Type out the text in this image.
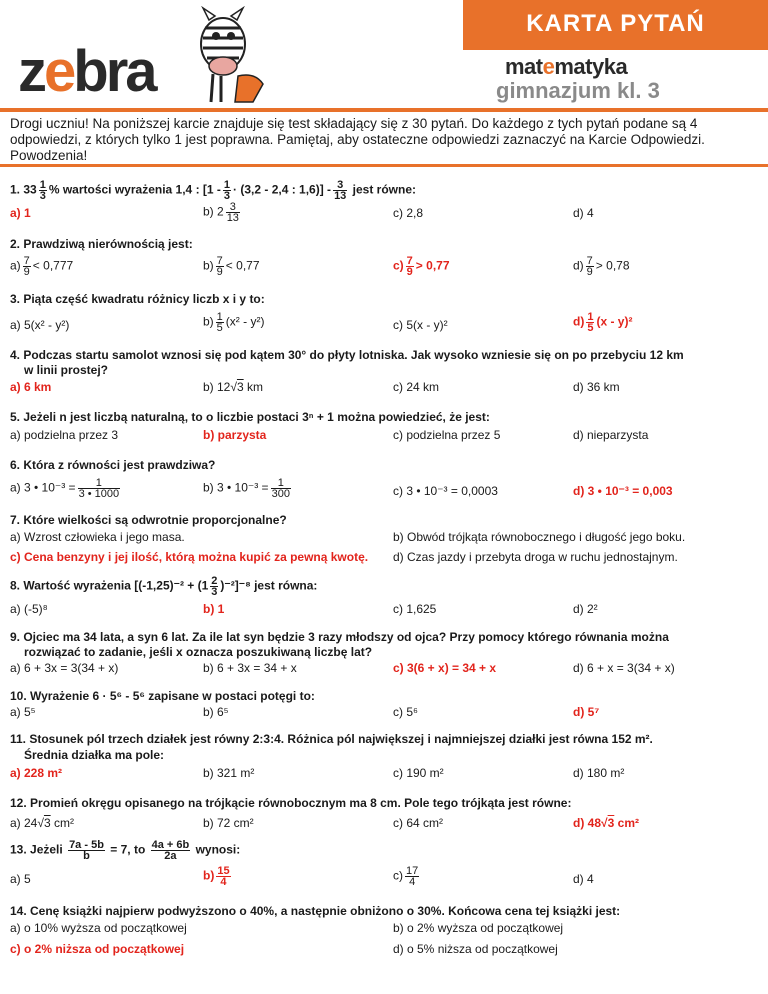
KARTA PYTAŃ
zebra	matematyka
gimnazjum kl. 3
Drogi uczniu! Na poniższej karcie znajduje się test składający się z 30 pytań. Do każdego z tych pytań podane są 4 odpowiedzi, z których tylko 1 jest poprawna. Pamiętaj, aby ostateczne odpowiedzi zaznaczyć na Karcie Odpowiedzi. Powodzenia!
1. $33 \frac{1}{3}$ % wartości wyrażenia 1,4 : [$1 - \frac{1}{3} \cdot (3,2 - 2,4$ : $1,6)] - \frac{3}{13}$ jest równe:
a) 1	b) $2 \frac{3}{13}$	c) 2,8	d) 4
2. Prawdziwą nierównością jest:
$a) \frac{7}{9} < 0,777$	$b) \frac{7}{9} < 0,77$	$c) \frac{7}{9} > 0,77$	$d) \frac{7}{9} > 0,78$
3. Piąta część kwadratu różnicy liczb x i y to:
a) 5(x² - y²)	$b) \frac{1}{5} (x^2 - y^2)$	c) 5(x - y)²	$d) \frac{1}{5} (x - y)^2$
4. Podczas startu samolot wznosi się pod kątem 30° do płyty lotniska. Jak wysoko wzniesie się on po przebyciu 12 km
w linii prostej?
a) 6 km	b) 12√3 km	c) 24 km	d) 36 km
5. Jeżeli n jest liczbą naturalną, to o liczbie postaci 3ⁿ + 1 można powiedzieć, że jest:
a) podzielna przez 3	b) parzysta	c) podzielna przez 5	d) nieparzysta
6. Która z równości jest prawdziwa?
a) 3 • $10^{-3} = \frac{1}{3 • 1000}$	b) 3 • $10^{-3} = \frac{1}{300}$	c) 3 • 10⁻³ = 0,0003	d) 3 • 10⁻³ = 0,003
7. Które wielkości są odwrotnie proporcjonalne?
a) Wzrost człowieka i jego masa.	b) Obwód trójkąta równobocznego i długość jego boku.
c) Cena benzyny i jej ilość, którą można kupić za pewną kwotę. d) Czas jazdy i przebyta droga w ruchu jednostajnym.
8. Wartość wyrażenia $[(-1,25)^{-2} + (1 \frac{2}{3} )^{-2}]^{-8}$ jest równa:
a) (-5)⁸	b) 1	c) 1,625	d) 2²
9. Ojciec ma 34 lata, a syn 6 lat. Za ile lat syn będzie 3 razy młodszy od ojca? Przy pomocy którego równania można
rozwiązać to zadanie, jeśli x oznacza poszukiwaną liczbę lat?
a) 6 + 3x = 3(34 + x)	b) 6 + 3x = 34 + x	c) 3(6 + x) = 34 + x	d) 6 + x = 3(34 + x)
10. Wyrażenie 6 · 5⁶ - 5⁶ zapisane w postaci potęgi to:
a) 5⁵	b) 6⁵	c) 5⁶	d) 5⁷
11. Stosunek pól trzech działek jest równy 2:3:4. Różnica pól największej i najmniejszej działki jest równa 152 m².
Średnia działka ma pole:
a) 228 m²	b) 321 m²	c) 190 m²	d) 180 m²
12. Promień okręgu opisanego na trójkącie równobocznym ma 8 cm. Pole tego trójkąta jest równe:
a) 24√3 cm²	b) 72 cm²	c) 64 cm²	d) 48√3 cm²
13. Jeżeli $\frac{7a - 5b}{b} = 7$, to $\frac{4a + 6b}{2a}$ wynosi:
a) 5	$b) \frac{15}{4}$	$c) \frac{17}{4}$	d) 4
14. Cenę książki najpierw podwyższono o 40%, a następnie obniżono o 30%. Końcowa cena tej książki jest:
a) o 10% wyższa od początkowej	b) o 2% wyższa od początkowej
c) o 2% niższa od początkowej	d) o 5% niższa od początkowej
